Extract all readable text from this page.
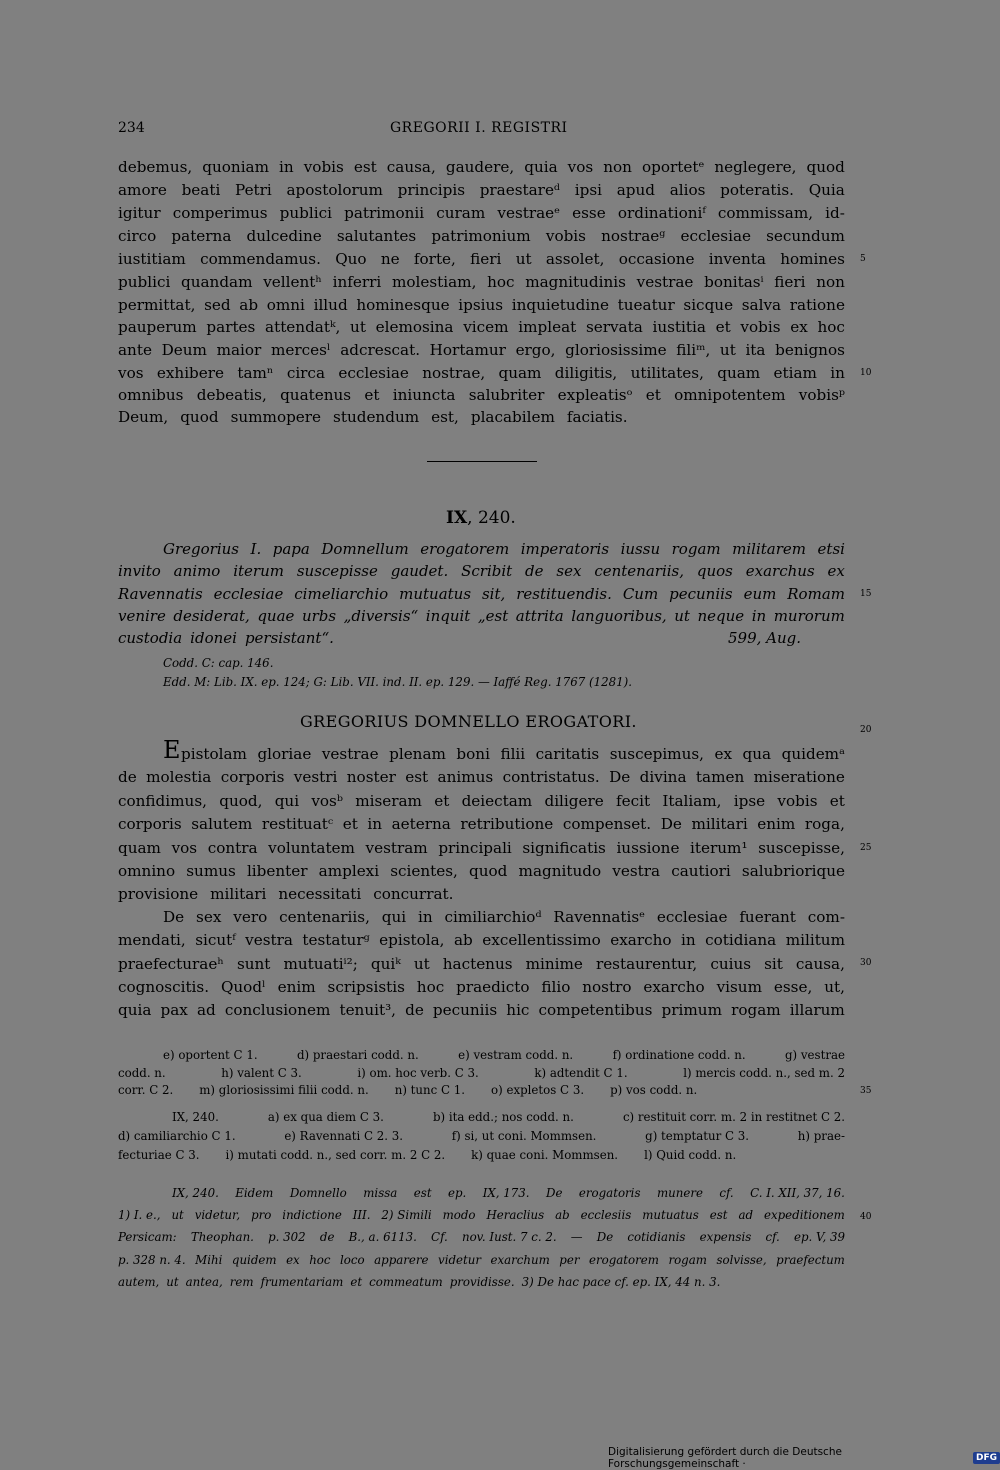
234	GREGORII I. REGISTRI
debemus, quoniam in vobis est causa, gaudere, quia vos non oportetᵉ neglegere, quod
amore beati Petri apostolorum principis praestareᵈ ipsi apud alios poteratis. Quia
igitur comperimus publici patrimonii curam vestraeᵉ esse ordinationiᶠ commissam, id-
circo paterna dulcedine salutantes patrimonium vobis nostraeᵍ ecclesiae secundum
iustitiam commendamus. Quo ne forte, fieri ut assolet, occasione inventa homines
publici quandam vellentʰ inferri molestiam, hoc magnitudinis vestrae bonitasⁱ fieri non
permittat, sed ab omni illud hominesque ipsius inquietudine tueatur sicque salva ratione
pauperum partes attendatᵏ, ut elemosina vicem impleat servata iustitia et vobis ex hoc
ante Deum maior mercesˡ adcrescat. Hortamur ergo, gloriosissime filiᵐ, ut ita benignos
vos exhibere tamⁿ circa ecclesiae nostrae, quam diligitis, utilitates, quam etiam in
omnibus debeatis, quatenus et iniuncta salubriter expleatisᵒ et omnipotentem vobisᵖ
Deum, quod summopere studendum est, placabilem faciatis.
IX, 240.
Gregorius I. papa Domnellum erogatorem imperatoris iussu rogam militarem etsi
invito animo iterum suscepisse gaudet. Scribit de sex centenariis, quos exarchus ex
Ravennatis ecclesiae cimeliarchio mutuatus sit, restituendis. Cum pecuniis eum Romam
venire desiderat, quae urbs „diversis“ inquit „est attrita languoribus, ut neque in murorum
custodia idonei persistant“.	599, Aug.
Codd. C: cap. 146.
Edd. M: Lib. IX. ep. 124; G: Lib. VII. ind. II. ep. 129. — Iaffé Reg. 1767 (1281).
GREGORIUS DOMNELLO EROGATORI.
E pistolam gloriae vestrae plenam boni filii caritatis suscepimus, ex qua quidemᵃ
de molestia corporis vestri noster est animus contristatus. De divina tamen miseratione
confidimus, quod, qui vosᵇ miseram et deiectam diligere fecit Italiam, ipse vobis et
corporis salutem restituatᶜ et in aeterna retributione compenset. De militari enim roga,
quam vos contra voluntatem vestram principali significatis iussione iterum¹ suscepisse,
omnino sumus libenter amplexi scientes, quod magnitudo vestra cautiori salubriorique
provisione militari necessitati concurrat.
De sex vero centenariis, qui in cimiliarchioᵈ Ravennatisᵉ ecclesiae fuerant com-
mendati, sicutᶠ vestra testaturᵍ epistola, ab excellentissimo exarcho in cotidiana militum
praefecturaeʰ sunt mutuatiⁱ²; quiᵏ ut hactenus minime restaurentur, cuius sit causa,
cognoscitis. Quodˡ enim scripsistis hoc praedicto filio nostro exarcho visum esse, ut,
quia pax ad conclusionem tenuit³, de pecuniis hic competentibus primum rogam illarum
e) oportent C 1.	d) praestari codd. n.	e) vestram codd. n.	f) ordinatione codd. n.	g) vestrae
codd. n.	h) valent C 3.	i) om. hoc verb. C 3.	k) adtendit C 1.	l) mercis codd. n., sed m. 2
corr. C 2. m) gloriosissimi filii codd. n. n) tunc C 1. o) expletos C 3. p) vos codd. n.
IX, 240.	a) ex qua diem C 3.	b) ita edd.; nos codd. n.	c) restituit corr. m. 2 in restitnet C 2.
d) camiliarchio C 1.	e) Ravennati C 2. 3.	f) si, ut coni. Mommsen.	g) temptatur C 3.	h) prae-
fecturiae C 3. i) mutati codd. n., sed corr. m. 2 C 2. k) quae coni. Mommsen. l) Quid codd. n.
IX, 240. Eidem Domnello missa est ep. IX, 173. De erogatoris munere cf. C. I. XII, 37, 16.
1) I. e., ut videtur, pro indictione III. 2) Simili modo Heraclius ab ecclesiis mutuatus est ad expeditionem
Persicam: Theophan. p. 302 de B., a. 6113. Cf. nov. Iust. 7 c. 2. — De cotidianis expensis cf. ep. V, 39
p. 328 n. 4. Mihi quidem ex hoc loco apparere videtur exarchum per erogatorem rogam solvisse, praefectum
autem, ut antea, rem frumentariam et commeatum providisse. 3) De hac pace cf. ep. IX, 44 n. 3.
5
10
15
20
25
30
35
40
Digitalisierung gefördert durch die Deutsche Forschungsgemeinschaft ·	DFG
